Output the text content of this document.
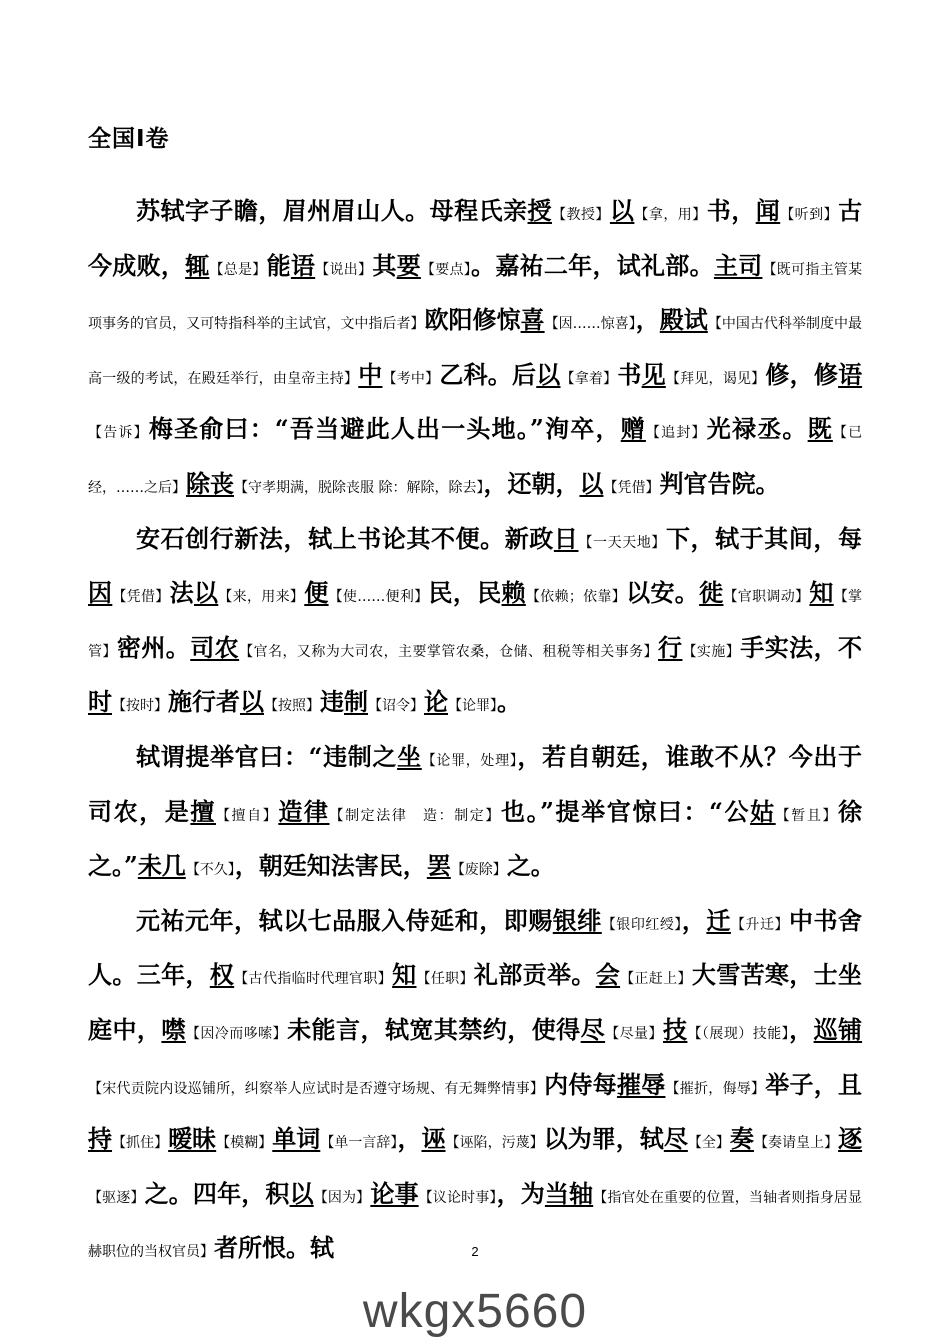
全国Ⅰ卷

苏轼字子瞻，眉州眉山人。母程氏亲授【教授】以【拿，用】书，闻【听到】古今成败，辄【总是】能语【说出】其要【要点】。嘉祐二年，试礼部。主司【既可指主管某项事务的官员，又可特指科举的主试官，文中指后者】欧阳修惊喜【因……惊喜】，殿试【中国古代科举制度中最高一级的考试，在殿廷举行，由皇帝主持】中【考中】乙科。后以【拿着】书见【拜见，谒见】修，修语【告诉】梅圣俞曰：“吾当避此人出一头地。”洵卒，赠【追封】光禄丞。既【已经，……之后】除丧【守孝期满，脱除丧服 除：解除，除去】，还朝，以【凭借】判官告院。

安石创行新法，轼上书论其不便。新政日【一天天地】下，轼于其间，每因【凭借】法以【来，用来】便【使……便利】民，民赖【依赖；依靠】以安。徙【官职调动】知【掌管】密州。司农【官名，又称为大司农，主要掌管农桑，仓储、租税等相关事务】行【实施】手实法，不时【按时】施行者以【按照】违制【诏令】论【论罪】。

轼谓提举官曰：“违制之坐【论罪，处理】，若自朝廷，谁敢不从？今出于司农，是擅【擅自】造律【制定法律　造：制定】也。”提举官惊曰：“公姑【暂且】徐之。”未几【不久】，朝廷知法害民，罢【废除】之。

元祐元年，轼以七品服入侍延和，即赐银绯【银印红绶】，迁【升迁】中书舍人。三年，权【古代指临时代理官职】知【任职】礼部贡举。会【正赶上】大雪苦寒，士坐庭中，噤【因冷而哆嗦】未能言，轼宽其禁约，使得尽【尽量】技【（展现）技能】，巡铺【宋代贡院内设巡铺所，纠察举人应试时是否遵守场规、有无舞弊情事】内侍每摧辱【摧折，侮辱】举子，且持【抓住】暧昧【模糊】单词【单一言辞】，诬【诬陷，污蔑】以为罪，轼尽【全】奏【奏请皇上】逐【驱逐】之。四年，积以【因为】论事【议论时事】，为当轴【指官处在重要的位置，当轴者则指身居显赫职位的当权官员】者所恨。轼	2
wkgx5660
